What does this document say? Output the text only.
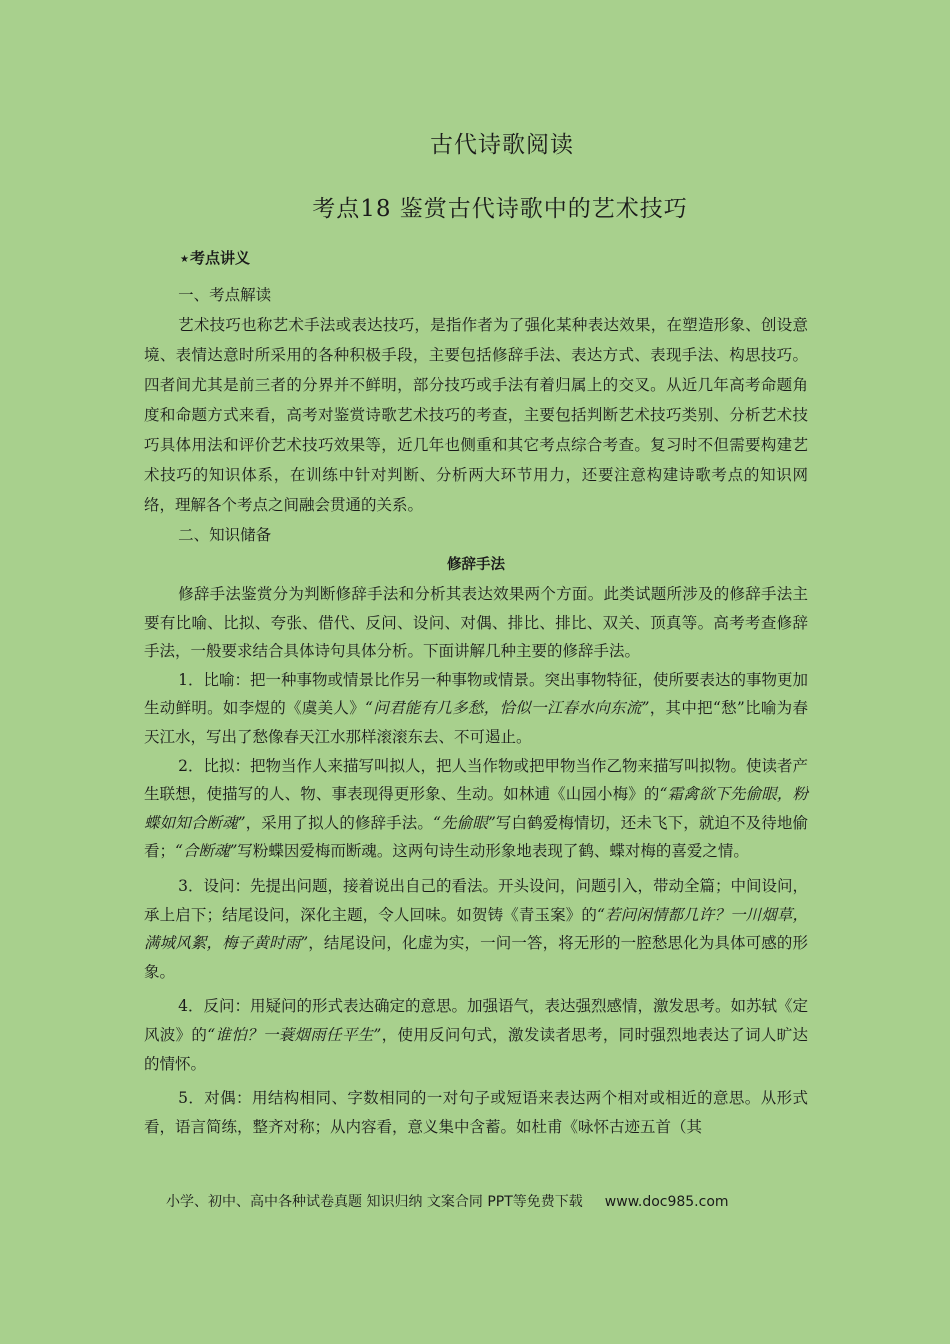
古代诗歌阅读
考点18 鉴赏古代诗歌中的艺术技巧
★考点讲义

一、考点解读

艺术技巧也称艺术手法或表达技巧，是指作者为了强化某种表达效果，在塑造形象、创设意境、表情达意时所采用的各种积极手段，主要包括修辞手法、表达方式、表现手法、构思技巧。四者间尤其是前三者的分界并不鲜明，部分技巧或手法有着归属上的交叉。从近几年高考命题角度和命题方式来看，高考对鉴赏诗歌艺术技巧的考查，主要包括判断艺术技巧类别、分析艺术技巧具体用法和评价艺术技巧效果等，近几年也侧重和其它考点综合考查。复习时不但需要构建艺术技巧的知识体系，在训练中针对判断、分析两大环节用力，还要注意构建诗歌考点的知识网络，理解各个考点之间融会贯通的关系。

二、知识储备

修辞手法

修辞手法鉴赏分为判断修辞手法和分析其表达效果两个方面。此类试题所涉及的修辞手法主要有比喻、比拟、夸张、借代、反问、设问、对偶、排比、排比、双关、顶真等。高考考查修辞手法，一般要求结合具体诗句具体分析。下面讲解几种主要的修辞手法。

1．比喻：把一种事物或情景比作另一种事物或情景。突出事物特征，使所要表达的事物更加生动鲜明。如李煜的《虞美人》“问君能有几多愁，恰似一江春水向东流”，其中把“愁”比喻为春天江水，写出了愁像春天江水那样滚滚东去、不可遏止。

2．比拟：把物当作人来描写叫拟人，把人当作物或把甲物当作乙物来描写叫拟物。使读者产生联想，使描写的人、物、事表现得更形象、生动。如林逋《山园小梅》的“霜禽欲下先偷眼，粉蝶如知合断魂”，采用了拟人的修辞手法。“先偷眼”写白鹤爱梅情切，还未飞下，就迫不及待地偷看；“合断魂”写粉蝶因爱梅而断魂。这两句诗生动形象地表现了鹤、蝶对梅的喜爱之情。

3．设问：先提出问题，接着说出自己的看法。开头设问，问题引入，带动全篇；中间设问，承上启下；结尾设问，深化主题，令人回味。如贺铸《青玉案》的“若问闲情都几许？一川烟草，满城风絮，梅子黄时雨”，结尾设问，化虚为实，一问一答，将无形的一腔愁思化为具体可感的形象。

4．反问：用疑问的形式表达确定的意思。加强语气，表达强烈感情，激发思考。如苏轼《定风波》的“谁怕？一蓑烟雨任平生”，使用反问句式，激发读者思考，同时强烈地表达了词人旷达的情怀。

5．对偶：用结构相同、字数相同的一对句子或短语来表达两个相对或相近的意思。从形式看，语言简练，整齐对称；从内容看，意义集中含蓄。如杜甫《咏怀古迹五首（其

小学、初中、高中各种试卷真题 知识归纳 文案合同 PPT等免费下载 www.doc985.com
